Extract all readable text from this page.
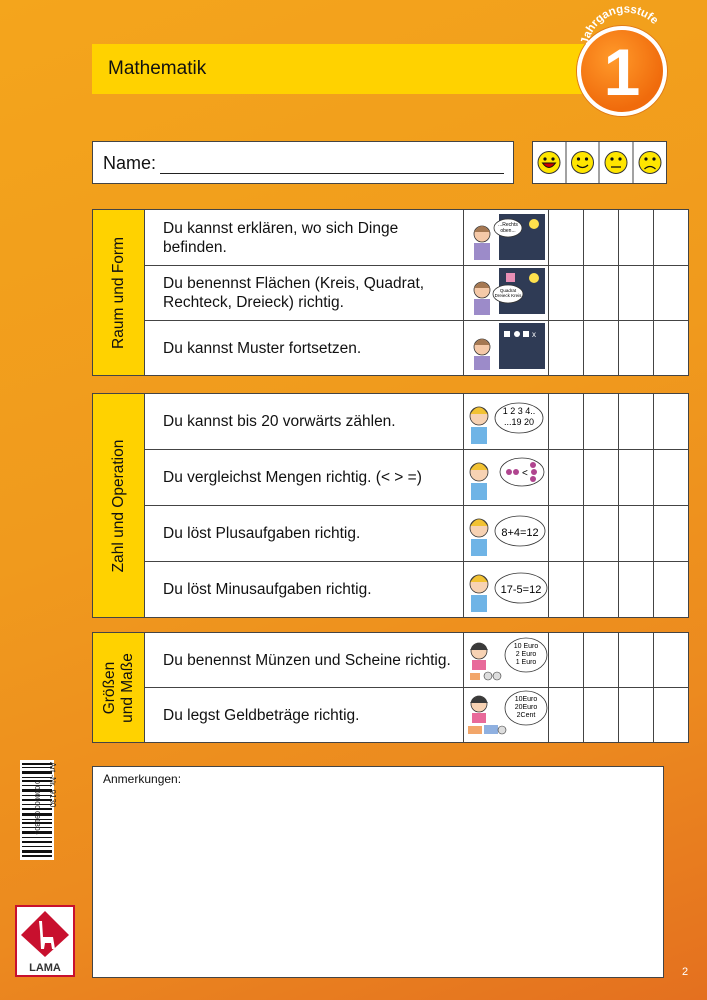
Mathematik	1
Jahrgangsstufe
Name:
Raum und Form	Du kannst erklären, wo sich Dinge befinden.	...Rechts
oben...				

	Du benennst Flächen (Kreis, Quadrat, Rechteck, Dreieck) richtig.	Quadrat
Dreieck Kreis				

	Du kannst Muster fortsetzen.	x				

Zahl und Operation	Du kannst bis 20 vorwärts zählen.	1 2 3 4..
...19 20				

	Du vergleichst Mengen richtig. (< > =)	<				

	Du löst Plusaufgaben richtig.	8+4=12				

	Du löst Minusaufgaben richtig.	17-5=12				

Größen
und Maße	Du benennst Münzen und Scheine richtig.	10 Euro
2 Euro
1 Euro				

	Du legst Geldbeträge richtig.	10Euro
20Euro
2Cent				

Anmerkungen:
Art.-Nr. 9130
0 000000 091305
LAMA	2
